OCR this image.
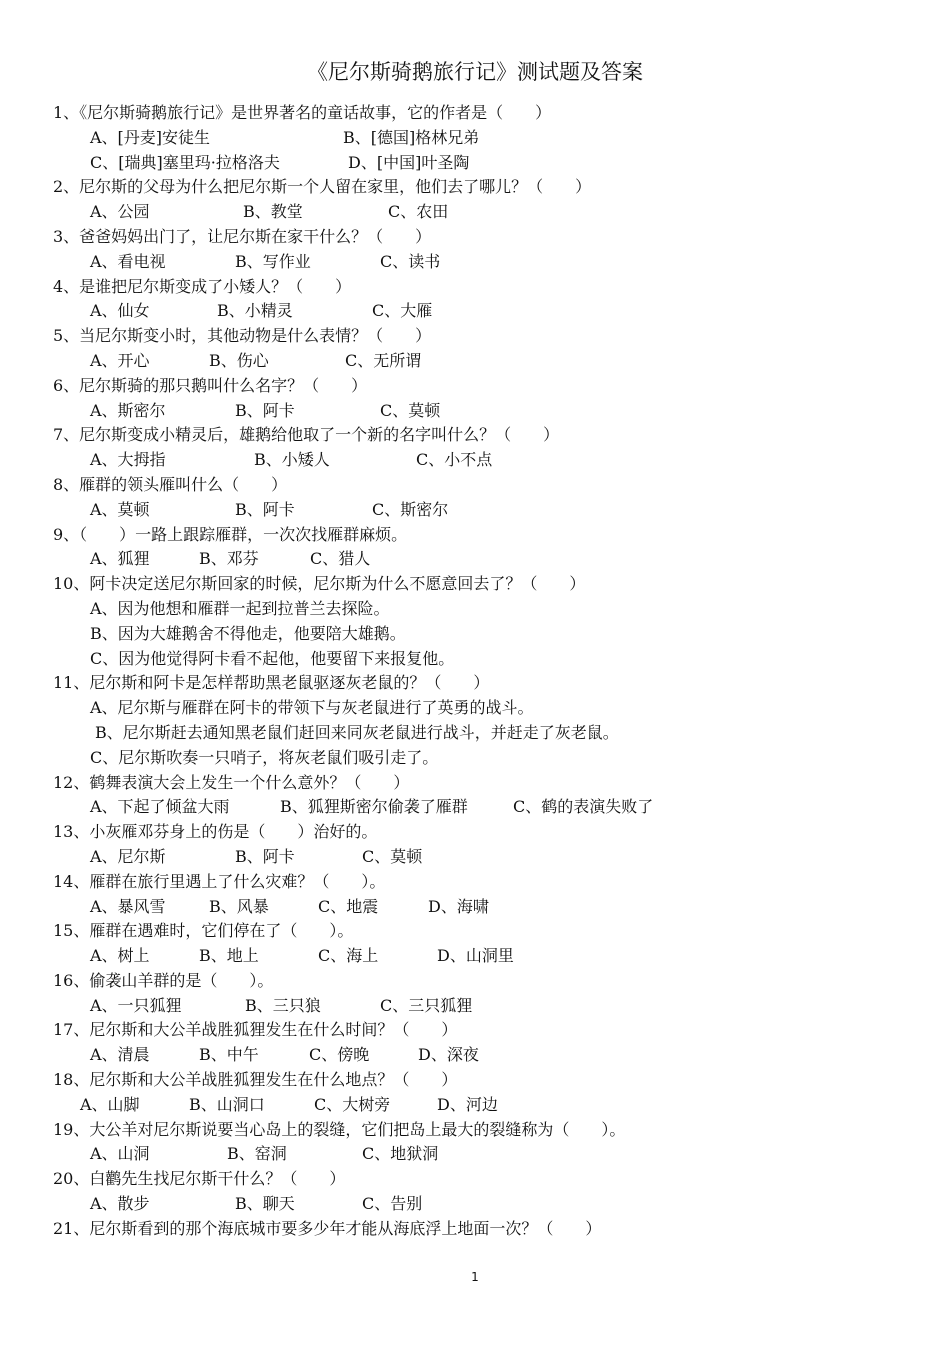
《尼尔斯骑鹅旅行记》测试题及答案
1、《尼尔斯骑鹅旅行记》是世界著名的童话故事，它的作者是（　　）
A、[丹麦]安徒生	B、[德国]格林兄弟
C、[瑞典]塞里玛·拉格洛夫	D、[中国]叶圣陶
2、尼尔斯的父母为什么把尼尔斯一个人留在家里，他们去了哪儿？（　　）
A、公园	B、教堂	C、农田
3、爸爸妈妈出门了，让尼尔斯在家干什么？（　　）
A、看电视	B、写作业	C、读书
4、是谁把尼尔斯变成了小矮人？（　　）
A、仙女	B、小精灵	C、大雁
5、当尼尔斯变小时，其他动物是什么表情？（　　）
A、开心	B、伤心	C、无所谓
6、尼尔斯骑的那只鹅叫什么名字？（　　）
A、斯密尔	B、阿卡	C、莫顿
7、尼尔斯变成小精灵后，雄鹅给他取了一个新的名字叫什么？（　　）
A、大拇指	B、小矮人	C、小不点
8、雁群的领头雁叫什么（　　）
A、莫顿	B、阿卡	C、斯密尔
9、（　　）一路上跟踪雁群，一次次找雁群麻烦。
A、狐狸	B、邓芬	C、猎人
10、阿卡决定送尼尔斯回家的时候，尼尔斯为什么不愿意回去了？（　　）
A、因为他想和雁群一起到拉普兰去探险。
B、因为大雄鹅舍不得他走，他要陪大雄鹅。
C、因为他觉得阿卡看不起他，他要留下来报复他。
11、尼尔斯和阿卡是怎样帮助黑老鼠驱逐灰老鼠的？（　　）
A、尼尔斯与雁群在阿卡的带领下与灰老鼠进行了英勇的战斗。
B、尼尔斯赶去通知黑老鼠们赶回来同灰老鼠进行战斗，并赶走了灰老鼠。
C、尼尔斯吹奏一只哨子，将灰老鼠们吸引走了。
12、鹤舞表演大会上发生一个什么意外？（　　）
A、下起了倾盆大雨	B、狐狸斯密尔偷袭了雁群	C、鹤的表演失败了
13、小灰雁邓芬身上的伤是（　　）治好的。
A、尼尔斯	B、阿卡	C、莫顿
14、雁群在旅行里遇上了什么灾难？（　　）。
A、暴风雪	B、风暴	C、地震	D、海啸
15、雁群在遇难时，它们停在了（　　）。
A、树上	B、地上	C、海上	D、山洞里
16、偷袭山羊群的是（　　）。
A、一只狐狸	B、三只狼	C、三只狐狸
17、尼尔斯和大公羊战胜狐狸发生在什么时间？（　　）
A、清晨	B、中午	C、傍晚	D、深夜
18、尼尔斯和大公羊战胜狐狸发生在什么地点？（　　）
A、山脚	B、山洞口	C、大树旁	D、河边
19、大公羊对尼尔斯说要当心岛上的裂缝，它们把岛上最大的裂缝称为（　　）。
A、山洞	B、窑洞	C、地狱洞
20、白鹳先生找尼尔斯干什么？（　　）
A、散步	B、聊天	C、告别
21、尼尔斯看到的那个海底城市要多少年才能从海底浮上地面一次？（　　）
1
